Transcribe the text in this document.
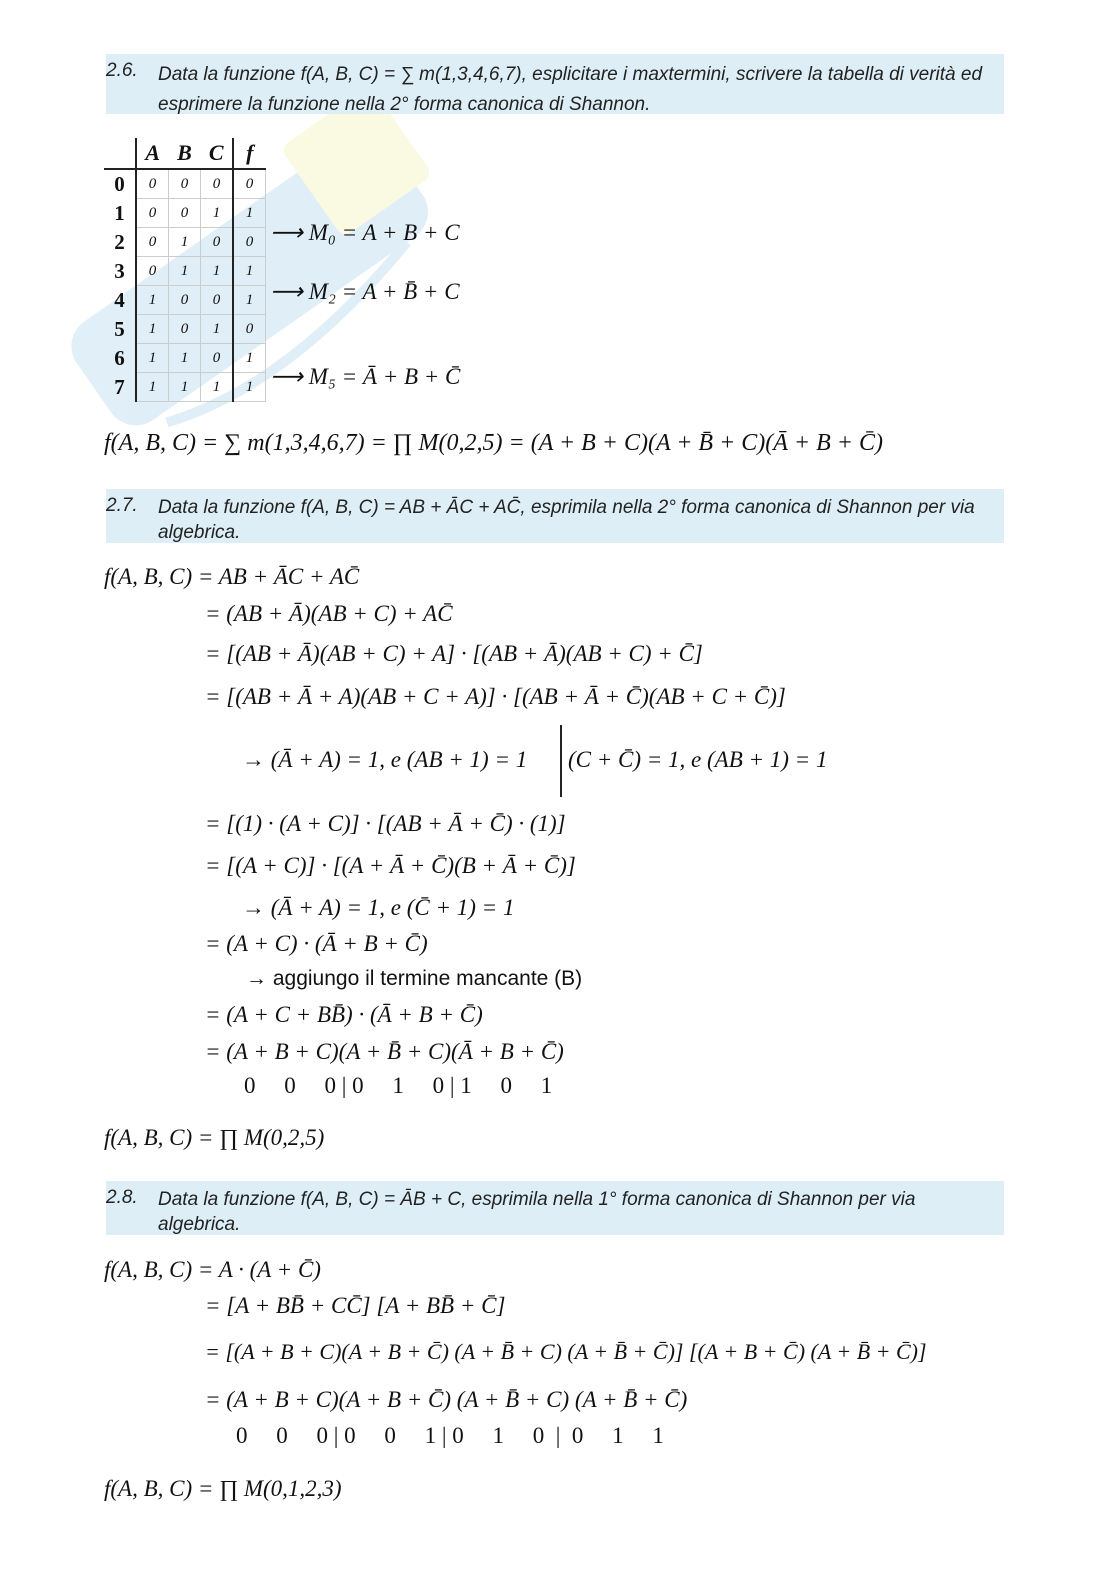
2.6. Data la funzione f(A, B, C) = ∑ m(1,3,4,6,7), esplicitare i maxtermini, scrivere la tabella di verità ed esprimere la funzione nella 2° forma canonica di Shannon.
	A	B	C	f
0	0	0	0	0
1	0	0	1	1
2	0	1	0	0
3	0	1	1	1
4	1	0	0	1
5	1	0	1	0
6	1	1	0	1
7	1	1	1	1
⟶ M₀ = A + B + C
⟶ M₂ = A + B̄ + C
⟶ M₅ = Ā + B + C̄
f(A, B, C) = ∑ m(1,3,4,6,7) = ∏ M(0,2,5) = (A + B + C)(A + B̄ + C)(Ā + B + C̄)
2.7. Data la funzione f(A, B, C) = AB + ĀC + AC̄, esprimila nella 2° forma canonica di Shannon per via algebrica.
f(A, B, C) = AB + ĀC + AC̄
= (AB + Ā)(AB + C) + AC̄
= [(AB + Ā)(AB + C) + A] · [(AB + Ā)(AB + C) + C̄]
= [(AB + Ā + A)(AB + C + A)] · [(AB + Ā + C̄)(AB + C + C̄)]
→ (Ā + A) = 1, e (AB + 1) = 1 (C + C̄) = 1, e (AB + 1) = 1
= [(1) · (A + C)] · [(AB + Ā + C̄) · (1)]
= [(A + C)] · [(A + Ā + C̄)(B + Ā + C̄)]
→ (Ā + A) = 1, e (C̄ + 1) = 1
= (A + C) · (Ā + B + C̄)
→ aggiungo il termine mancante (B)
= (A + C + BB̄) · (Ā + B + C̄)
= (A + B + C)(A + B̄ + C)(Ā + B + C̄)
0     0     0 | 0     1     0 | 1     0     1
f(A, B, C) = ∏ M(0,2,5)
2.8. Data la funzione f(A, B, C) = ĀB + C, esprimila nella 1° forma canonica di Shannon per via algebrica.
f(A, B, C) = A · (A + C̄)
= [A + BB̄ + CC̄] [A + BB̄ + C̄]
= [(A + B + C)(A + B + C̄) (A + B̄ + C) (A + B̄ + C̄)] [(A + B + C̄) (A + B̄ + C̄)]
= (A + B + C)(A + B + C̄) (A + B̄ + C) (A + B̄ + C̄)
0     0     0 | 0     0     1 | 0     1     0  |  0     1     1
f(A, B, C) = ∏ M(0,1,2,3)
